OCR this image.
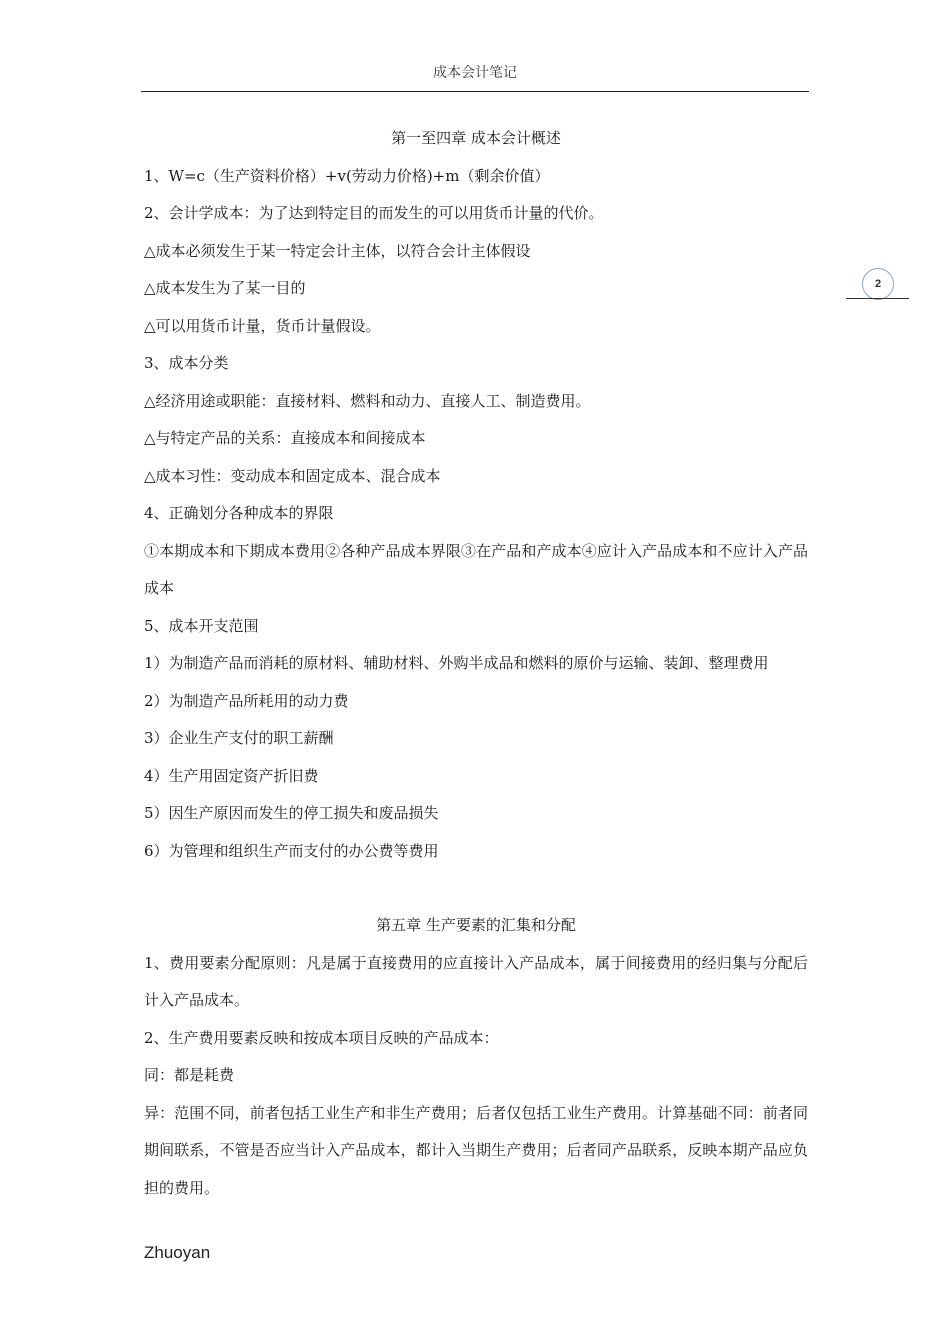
成本会计笔记
2

第一至四章 成本会计概述

1、W=c（生产资料价格）+v(劳动力价格)+m（剩余价值）

2、会计学成本：为了达到特定目的而发生的可以用货币计量的代价。

△成本必须发生于某一特定会计主体，以符合会计主体假设

△成本发生为了某一目的

△可以用货币计量，货币计量假设。

3、成本分类

△经济用途或职能：直接材料、燃料和动力、直接人工、制造费用。

△与特定产品的关系：直接成本和间接成本

△成本习性：变动成本和固定成本、混合成本

4、正确划分各种成本的界限

①本期成本和下期成本费用②各种产品成本界限③在产品和产成本④应计入产品成本和不应计入产品成本

5、成本开支范围

1）为制造产品而消耗的原材料、辅助材料、外购半成品和燃料的原价与运输、装卸、整理费用

2）为制造产品所耗用的动力费

3）企业生产支付的职工薪酬

4）生产用固定资产折旧费

5）因生产原因而发生的停工损失和废品损失

6）为管理和组织生产而支付的办公费等费用

第五章 生产要素的汇集和分配

1、费用要素分配原则：凡是属于直接费用的应直接计入产品成本，属于间接费用的经归集与分配后计入产品成本。

2、生产费用要素反映和按成本项目反映的产品成本：

同：都是耗费

异：范围不同，前者包括工业生产和非生产费用；后者仅包括工业生产费用。计算基础不同：前者同期间联系，不管是否应当计入产品成本，都计入当期生产费用；后者同产品联系，反映本期产品应负担的费用。

Zhuoyan
